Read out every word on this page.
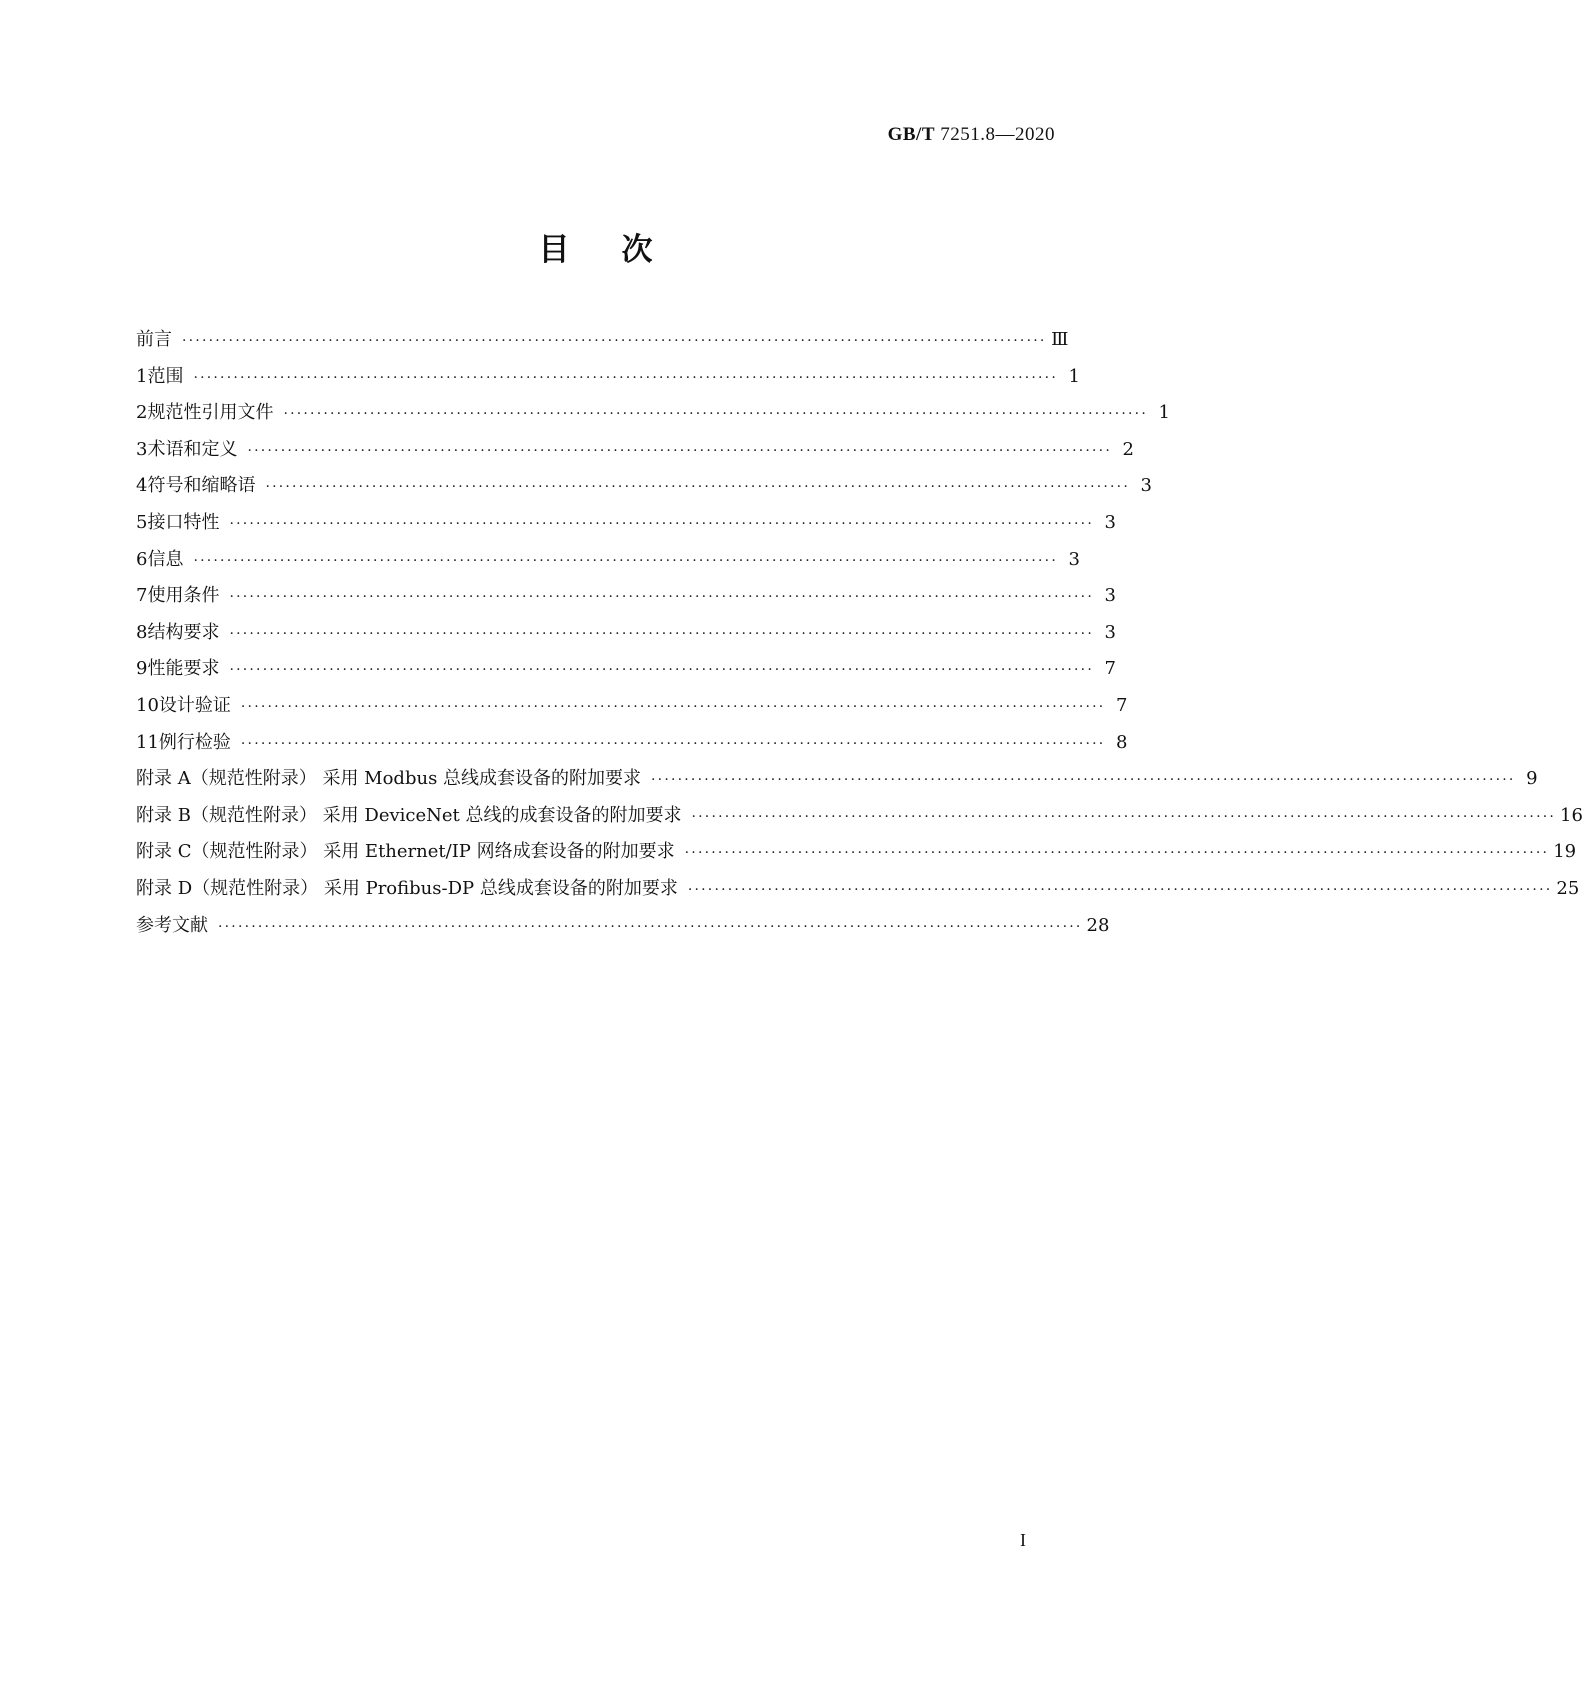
GB/T 7251.8—2020
目次
前言 ·································································································································· Ⅲ
1 范围 ·································································································································· 1
2 规范性引用文件 ·································································································································· 1
3 术语和定义 ·································································································································· 2
4 符号和缩略语 ·································································································································· 3
5 接口特性 ·································································································································· 3
6 信息 ·································································································································· 3
7 使用条件 ·································································································································· 3
8 结构要求 ·································································································································· 3
9 性能要求 ·································································································································· 7
10 设计验证 ·································································································································· 7
11 例行检验 ·································································································································· 8
附录 A（规范性附录） 采用 Modbus 总线成套设备的附加要求 ·································································································································· 9
附录 B（规范性附录） 采用 DeviceNet 总线的成套设备的附加要求 ·································································································································· 16
附录 C（规范性附录） 采用 Ethernet/IP 网络成套设备的附加要求 ·································································································································· 19
附录 D（规范性附录） 采用 Profibus-DP 总线成套设备的附加要求 ·································································································································· 25
参考文献 ·································································································································· 28
I
